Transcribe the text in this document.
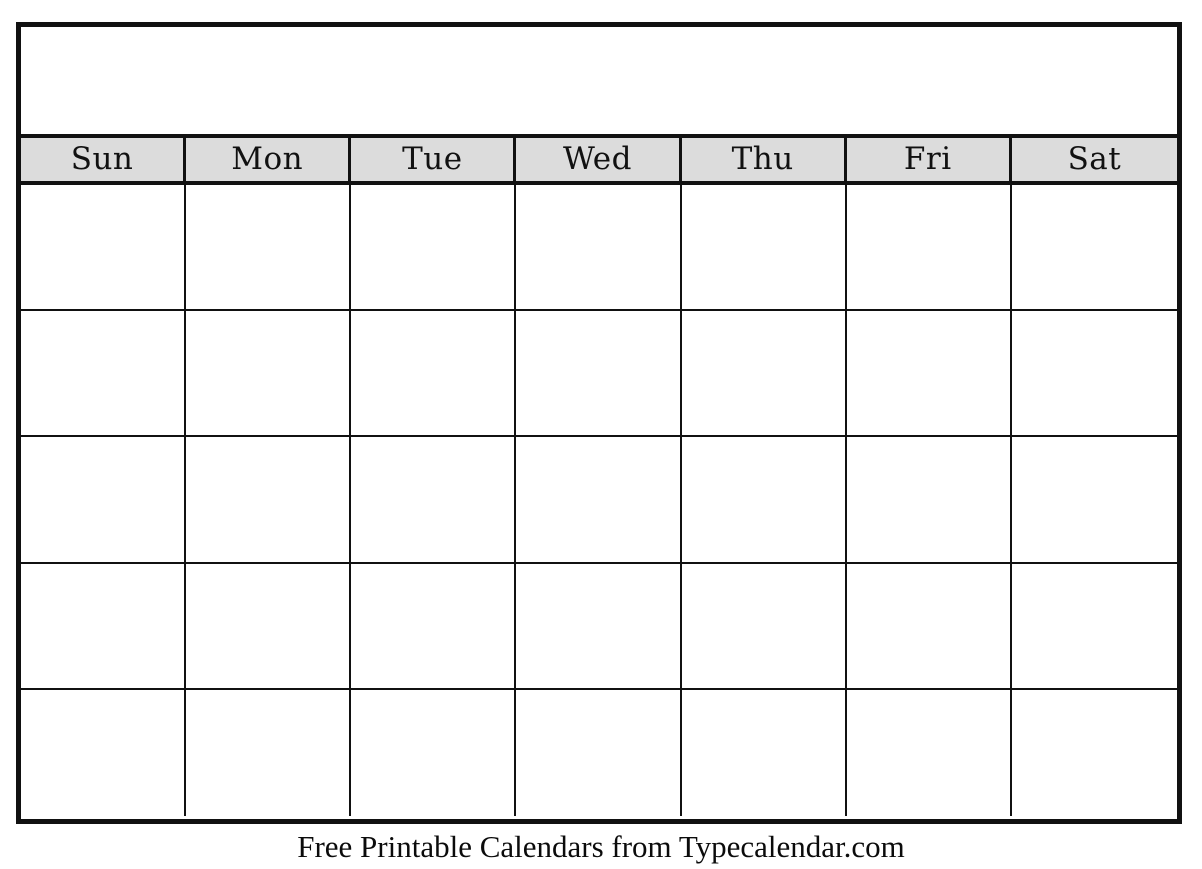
Sun	Mon	Tue	Wed	Thu	Fri	Sat
Free Printable Calendars from Typecalendar.com
